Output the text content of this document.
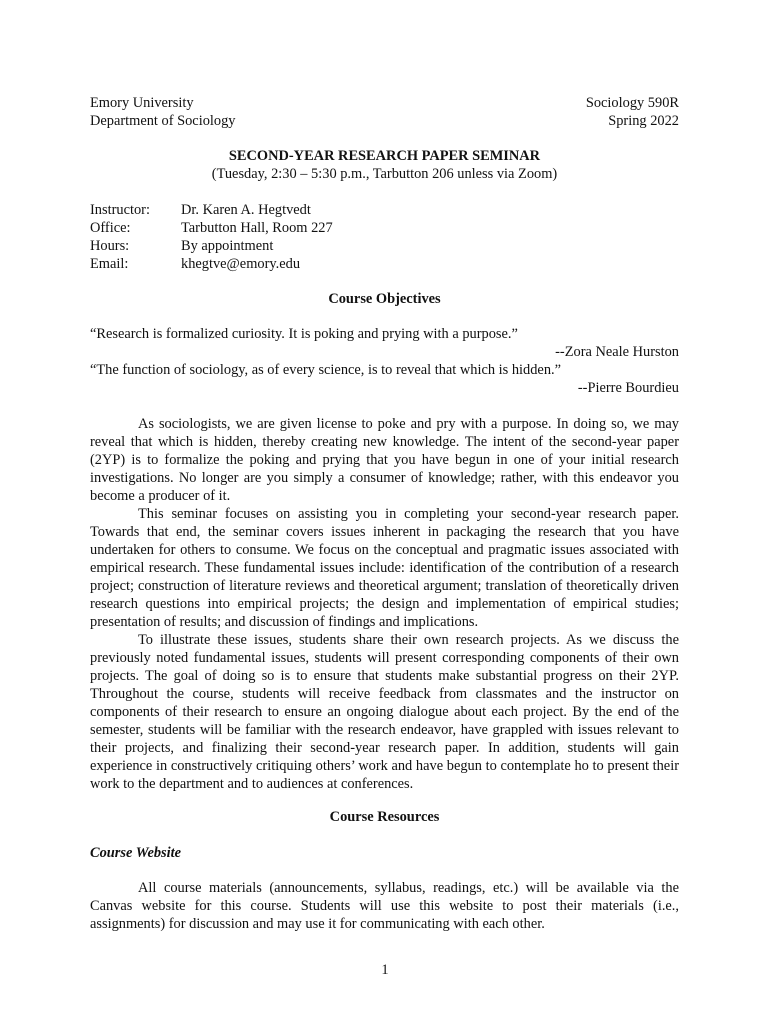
Emory University
Department of Sociology
Sociology 590R
Spring 2022
SECOND-YEAR RESEARCH PAPER SEMINAR
(Tuesday, 2:30 – 5:30 p.m., Tarbutton 206 unless via Zoom)
Instructor: Dr. Karen A. Hegtvedt
Office:	Tarbutton Hall, Room 227
Hours:	By appointment
Email:	khegtve@emory.edu
Course Objectives
“Research is formalized curiosity. It is poking and prying with a purpose.”
--Zora Neale Hurston
“The function of sociology, as of every science, is to reveal that which is hidden.”
--Pierre Bourdieu

As sociologists, we are given license to poke and pry with a purpose. In doing so, we may reveal that which is hidden, thereby creating new knowledge. The intent of the second-year paper (2YP) is to formalize the poking and prying that you have begun in one of your initial research investigations. No longer are you simply a consumer of knowledge; rather, with this endeavor you become a producer of it.

This seminar focuses on assisting you in completing your second-year research paper. Towards that end, the seminar covers issues inherent in packaging the research that you have undertaken for others to consume. We focus on the conceptual and pragmatic issues associated with empirical research. These fundamental issues include: identification of the contribution of a research project; construction of literature reviews and theoretical argument; translation of theoretically driven research questions into empirical projects; the design and implementation of empirical studies; presentation of results; and discussion of findings and implications.

To illustrate these issues, students share their own research projects. As we discuss the previously noted fundamental issues, students will present corresponding components of their own projects. The goal of doing so is to ensure that students make substantial progress on their 2YP. Throughout the course, students will receive feedback from classmates and the instructor on components of their research to ensure an ongoing dialogue about each project. By the end of the semester, students will be familiar with the research endeavor, have grappled with issues relevant to their projects, and finalizing their second-year research paper. In addition, students will gain experience in constructively critiquing others’ work and have begun to contemplate ho to present their work to the department and to audiences at conferences.

Course Resources
Course Website

All course materials (announcements, syllabus, readings, etc.) will be available via the Canvas website for this course. Students will use this website to post their materials (i.e., assignments) for discussion and may use it for communicating with each other.

1
